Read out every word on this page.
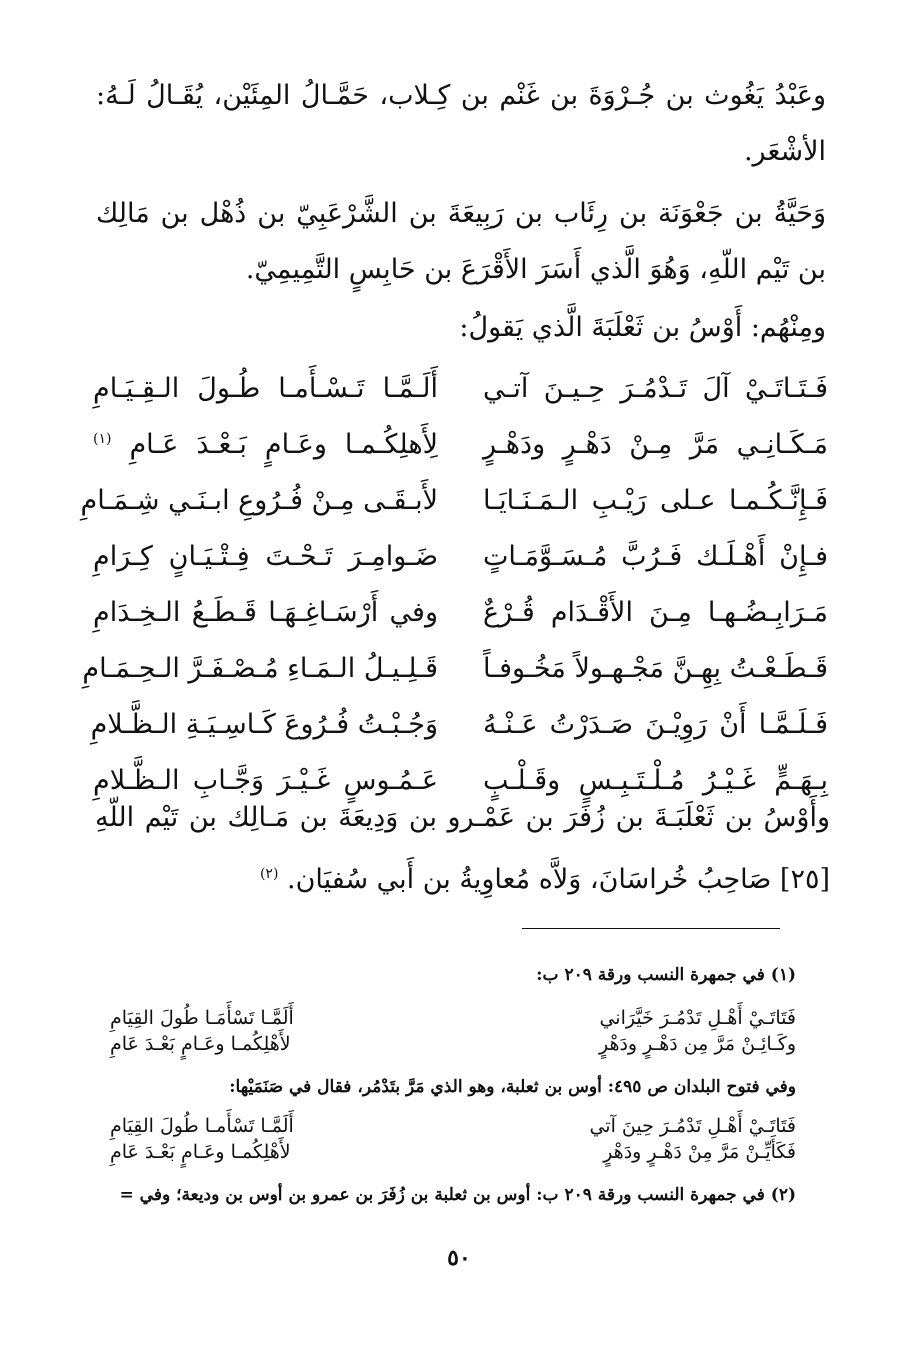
وعَبْدُ يَغُوث بن جُـرْوَةَ بن غَنْم بن كِـلاب، حَمَّـالُ المِئَيْن، يُقَـالُ لَـهُ: الأشْعَر.
وَحَيَّةُ بن جَعْوَنَة بن رِئَاب بن رَبِيعَةَ بن الشَّرْعَبِيّ بن ذُهْل بن مَالِك بن تَيْم اللّهِ، وَهُوَ الَّذي أَسَرَ الأَقْرَعَ بن حَابِسٍ التَّمِيمِيّ.
ومِنْهُم: أَوْسُ بن ثَعْلَبَةَ الَّذي يَقولُ:
فَـتَـاتَـيْ آلَ تَـدْمُـرَ حِـيـنَ آتـي
أَلَـمَّـا تَـسْـأَمـا طُـولَ الـقِـيَـامِ
مَـكَـانِـي مَرَّ مِـنْ دَهْـرٍ ودَهْـرٍ
لِأَهلِكُـمـا وعَـامٍ بَـعْـدَ عَـامِ $^{(١)}$
فَـإِنَّـكُـمـا عـلى رَيْـبِ الـمَـنَـايَـا
لأَبـقَـى مِـنْ فُـرُوعِ ابـنَـي شِـمَـامِ
فـإِنْ أَهْـلَـك فَـرُبَّ مُـسَـوَّمَـاتٍ
ضَـوامِـرَ تَـحْـتَ فِـتْـيَـانٍ كِـرَامِ
مَـرَابِـضُـهـا مِـنَ الأَقْـدَام قُـرْعٌ
وفي أَرْسَـاغِـهَـا قَـطَـعُ الـخِـدَامِ
قَـطَـعْـتُ بِهِـنَّ مَجْـهـولاً مَخُـوفـاً
قَـلِـيـلُ الـمَـاءِ مُـصْـفَـرَّ الـحِـمَـامِ
فَـلَـمَّـا أَنْ رَوِيْـنَ صَـدَرْتُ عَـنْـهُ
وَجُـبْـتُ فُـرُوعَ كَـاسِـيَـةِ الـظَّـلامِ
بِـهَـمٍّ غَـيْـرُ مُـلْـتَـبِـسٍ وقَـلْـبٍ
عَـمُـوسٍ غَـيْـرَ وَجَّـابِ الـظَّـلامِ
وأَوْسُ بن ثَعْلَبَـةَ بن زُفَرَ بن عَمْـرو بن وَدِيعَةَ بن مَـالِك بن تَيْم اللّهِ [٢٥] صَاحِبُ خُراسَانَ، وَلاَّه مُعاوِيةُ بن أَبي سُفيَان. $^{(٢)}$
(١) في جمهرة النسب ورقة ٢٠٩ ب:
فَتَاتَـيْ أَهْـلِ تَدْمُـرَ خَيَّرَاني
أَلَمَّـا تَسْأَمَـا طُولَ القِيَامِ
وكَـائِـنْ مَرَّ مِن دَهْـرٍ ودَهْرٍ
لأَهْلِكُمـا وعَـامٍ بَعْـدَ عَامِ
وفي فتوح البلدان ص ٤٩٥: أوس بن ثعلبة، وهو الذي مَرَّ بتَدْمُر، فقال في صَنَمَيْها:
فَتَاتَـيْ أَهْـلِ تَدْمُـرَ حِينَ آتي
أَلَمَّـا تَسْأَمـا طُولَ القِيَامِ
فَكَأَيِّـنْ مَرَّ مِنْ دَهْـرٍ ودَهْرٍ
لأَهْلِكُمـا وعَـامٍ بَعْـدَ عَامِ
(٢) في جمهرة النسب ورقة ٢٠٩ ب: أوس بن ثعلبة بن زُفَرَ بن عمرو بن أوس بن وديعة؛ وفي =
٥٠
